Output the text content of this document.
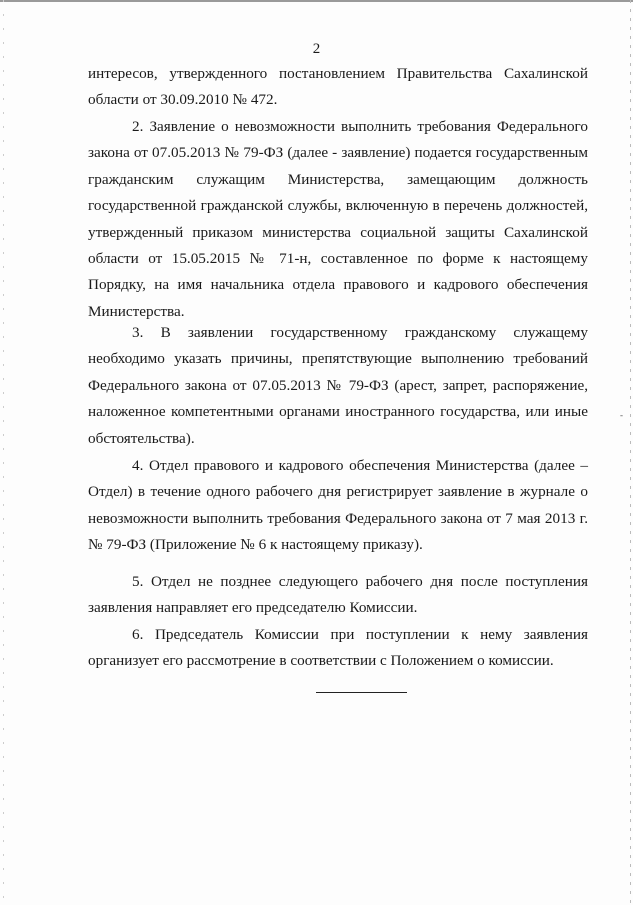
2

интересов, утвержденного постановлением Правительства Сахалинской области от 30.09.2010 № 472.

2. Заявление о невозможности выполнить требования Федерального закона от 07.05.2013 № 79-ФЗ (далее - заявление) подается государственным гражданским служащим Министерства, замещающим должность государственной гражданской службы, включенную в перечень должностей, утвержденный приказом министерства социальной защиты Сахалинской области от 15.05.2015 № 71-н, составленное по форме к настоящему Порядку, на имя начальника отдела правового и кадрового обеспечения Министерства.

3. В заявлении государственному гражданскому служащему необходимо указать причины, препятствующие выполнению требований Федерального закона от 07.05.2013 № 79-ФЗ (арест, запрет, распоряжение, наложенное компетентными органами иностранного государства, или иные обстоятельства).

4. Отдел правового и кадрового обеспечения Министерства (далее – Отдел) в течение одного рабочего дня регистрирует заявление в журнале о невозможности выполнить требования Федерального закона от 7 мая 2013 г. № 79-ФЗ (Приложение № 6 к настоящему приказу).

5. Отдел не позднее следующего рабочего дня после поступления заявления направляет его председателю Комиссии.

6. Председатель Комиссии при поступлении к нему заявления организует его рассмотрение в соответствии с Положением о комиссии.

-
